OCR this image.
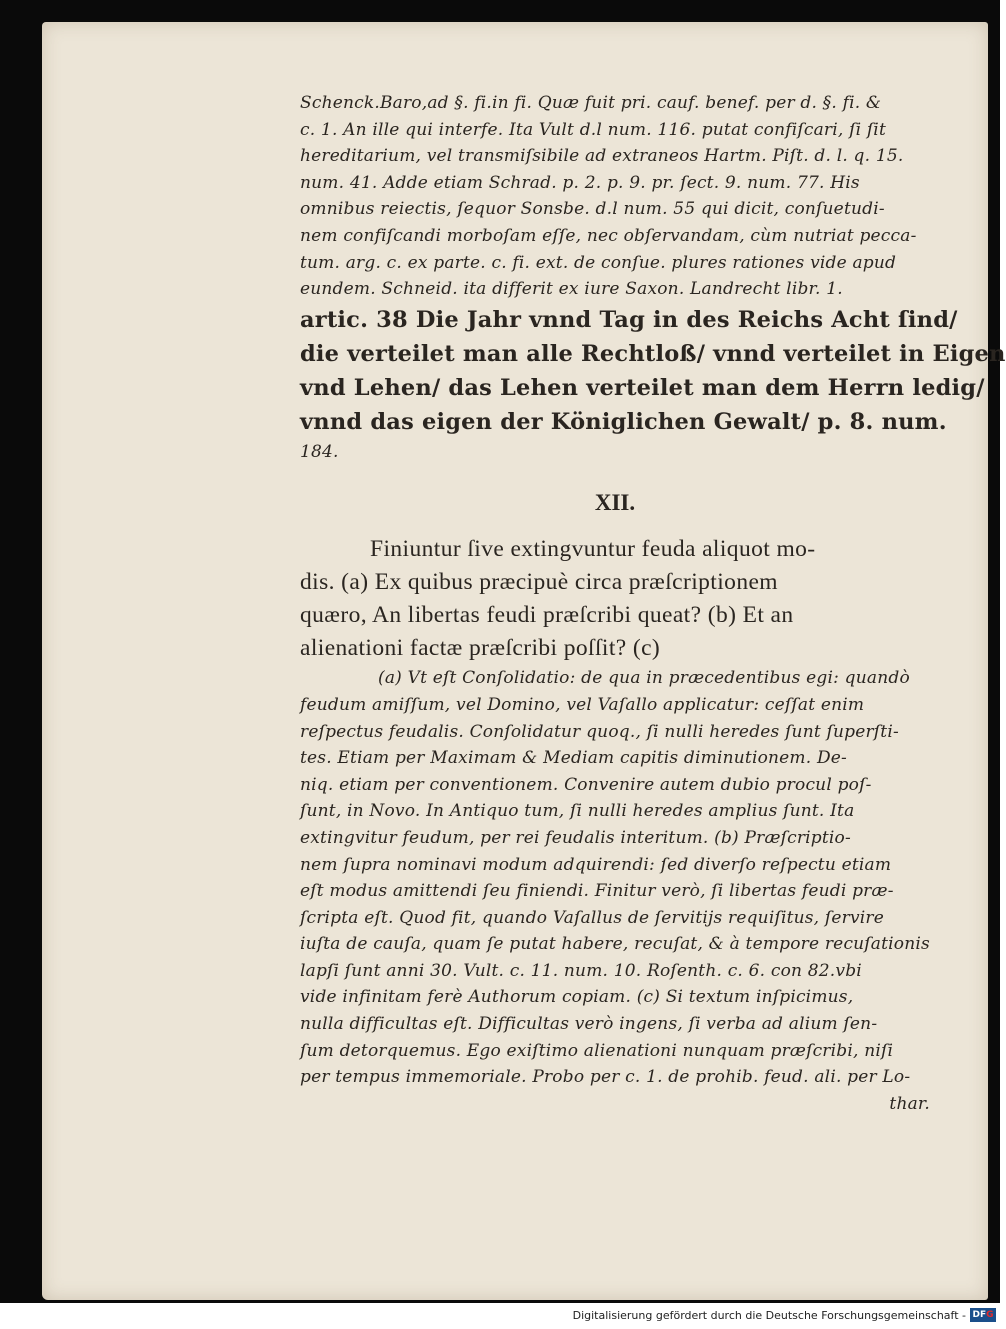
Schenck.Baro,ad §. fi.in fi. Quæ fuit pri. cauf. benef. per d. §. fi. &
c. 1. An ille qui interfe. Ita Vult d.l num. 116. putat confiſcari, ſi ſit
hereditarium, vel transmiſsibile ad extraneos Hartm. Piſt. d. l. q. 15.
num. 41. Adde etiam Schrad. p. 2. p. 9. pr. ſect. 9. num. 77. His
omnibus reiectis, ſequor Sonsbe. d.l num. 55 qui dicit, conſuetudi-
nem confiſcandi morboſam eſſe, nec obſervandam, cùm nutriat pecca-
tum. arg. c. ex parte. c. fi. ext. de conſue. plures rationes vide apud
eundem. Schneid. ita differit ex iure Saxon. Landrecht libr. 1.
artic. 38 Die Jahr vnnd Tag in des Reichs Acht ſind/
die verteilet man alle Rechtloß/ vnnd verteilet in Eigen
vnd Lehen/ das Lehen verteilet man dem Herrn ledig/
vnnd das eigen der Königlichen Gewalt/ p. 8. num.
184.
XII.
Finiuntur ſive extingvuntur feuda aliquot mo-
dis. (a) Ex quibus præcipuè circa præſcriptionem
quæro, An libertas feudi præſcribi queat? (b) Et an
alienationi factæ præſcribi poſſit? (c)
(a) Vt eſt Conſolidatio: de qua in præcedentibus egi: quandò
feudum amiſſum, vel Domino, vel Vaſallo applicatur: ceſſat enim
reſpectus feudalis. Conſolidatur quoq., ſi nulli heredes ſunt ſuperſti-
tes. Etiam per Maximam & Mediam capitis diminutionem. De-
niq. etiam per conventionem. Convenire autem dubio procul poſ-
ſunt, in Novo. In Antiquo tum, ſi nulli heredes amplius ſunt. Ita
extingvitur feudum, per rei feudalis interitum. (b) Præſcriptio-
nem ſupra nominavi modum adquirendi: ſed diverſo reſpectu etiam
eſt modus amittendi ſeu finiendi. Finitur verò, ſi libertas feudi præ-
ſcripta eſt. Quod fit, quando Vaſallus de ſervitijs requiſitus, ſervire
iuſta de cauſa, quam ſe putat habere, recuſat, & à tempore recuſationis
lapſi ſunt anni 30. Vult. c. 11. num. 10. Roſenth. c. 6. con 82.vbi
vide infinitam ferè Authorum copiam. (c) Si textum inſpicimus,
nulla difficultas eſt. Difficultas verò ingens, ſi verba ad alium ſen-
ſum detorquemus. Ego exiſtimo alienationi nunquam præſcribi, niſi
per tempus immemoriale. Probo per c. 1. de prohib. feud. ali. per Lo-
thar.
Digitalisierung gefördert durch die Deutsche Forschungsgemeinschaft - DFG
